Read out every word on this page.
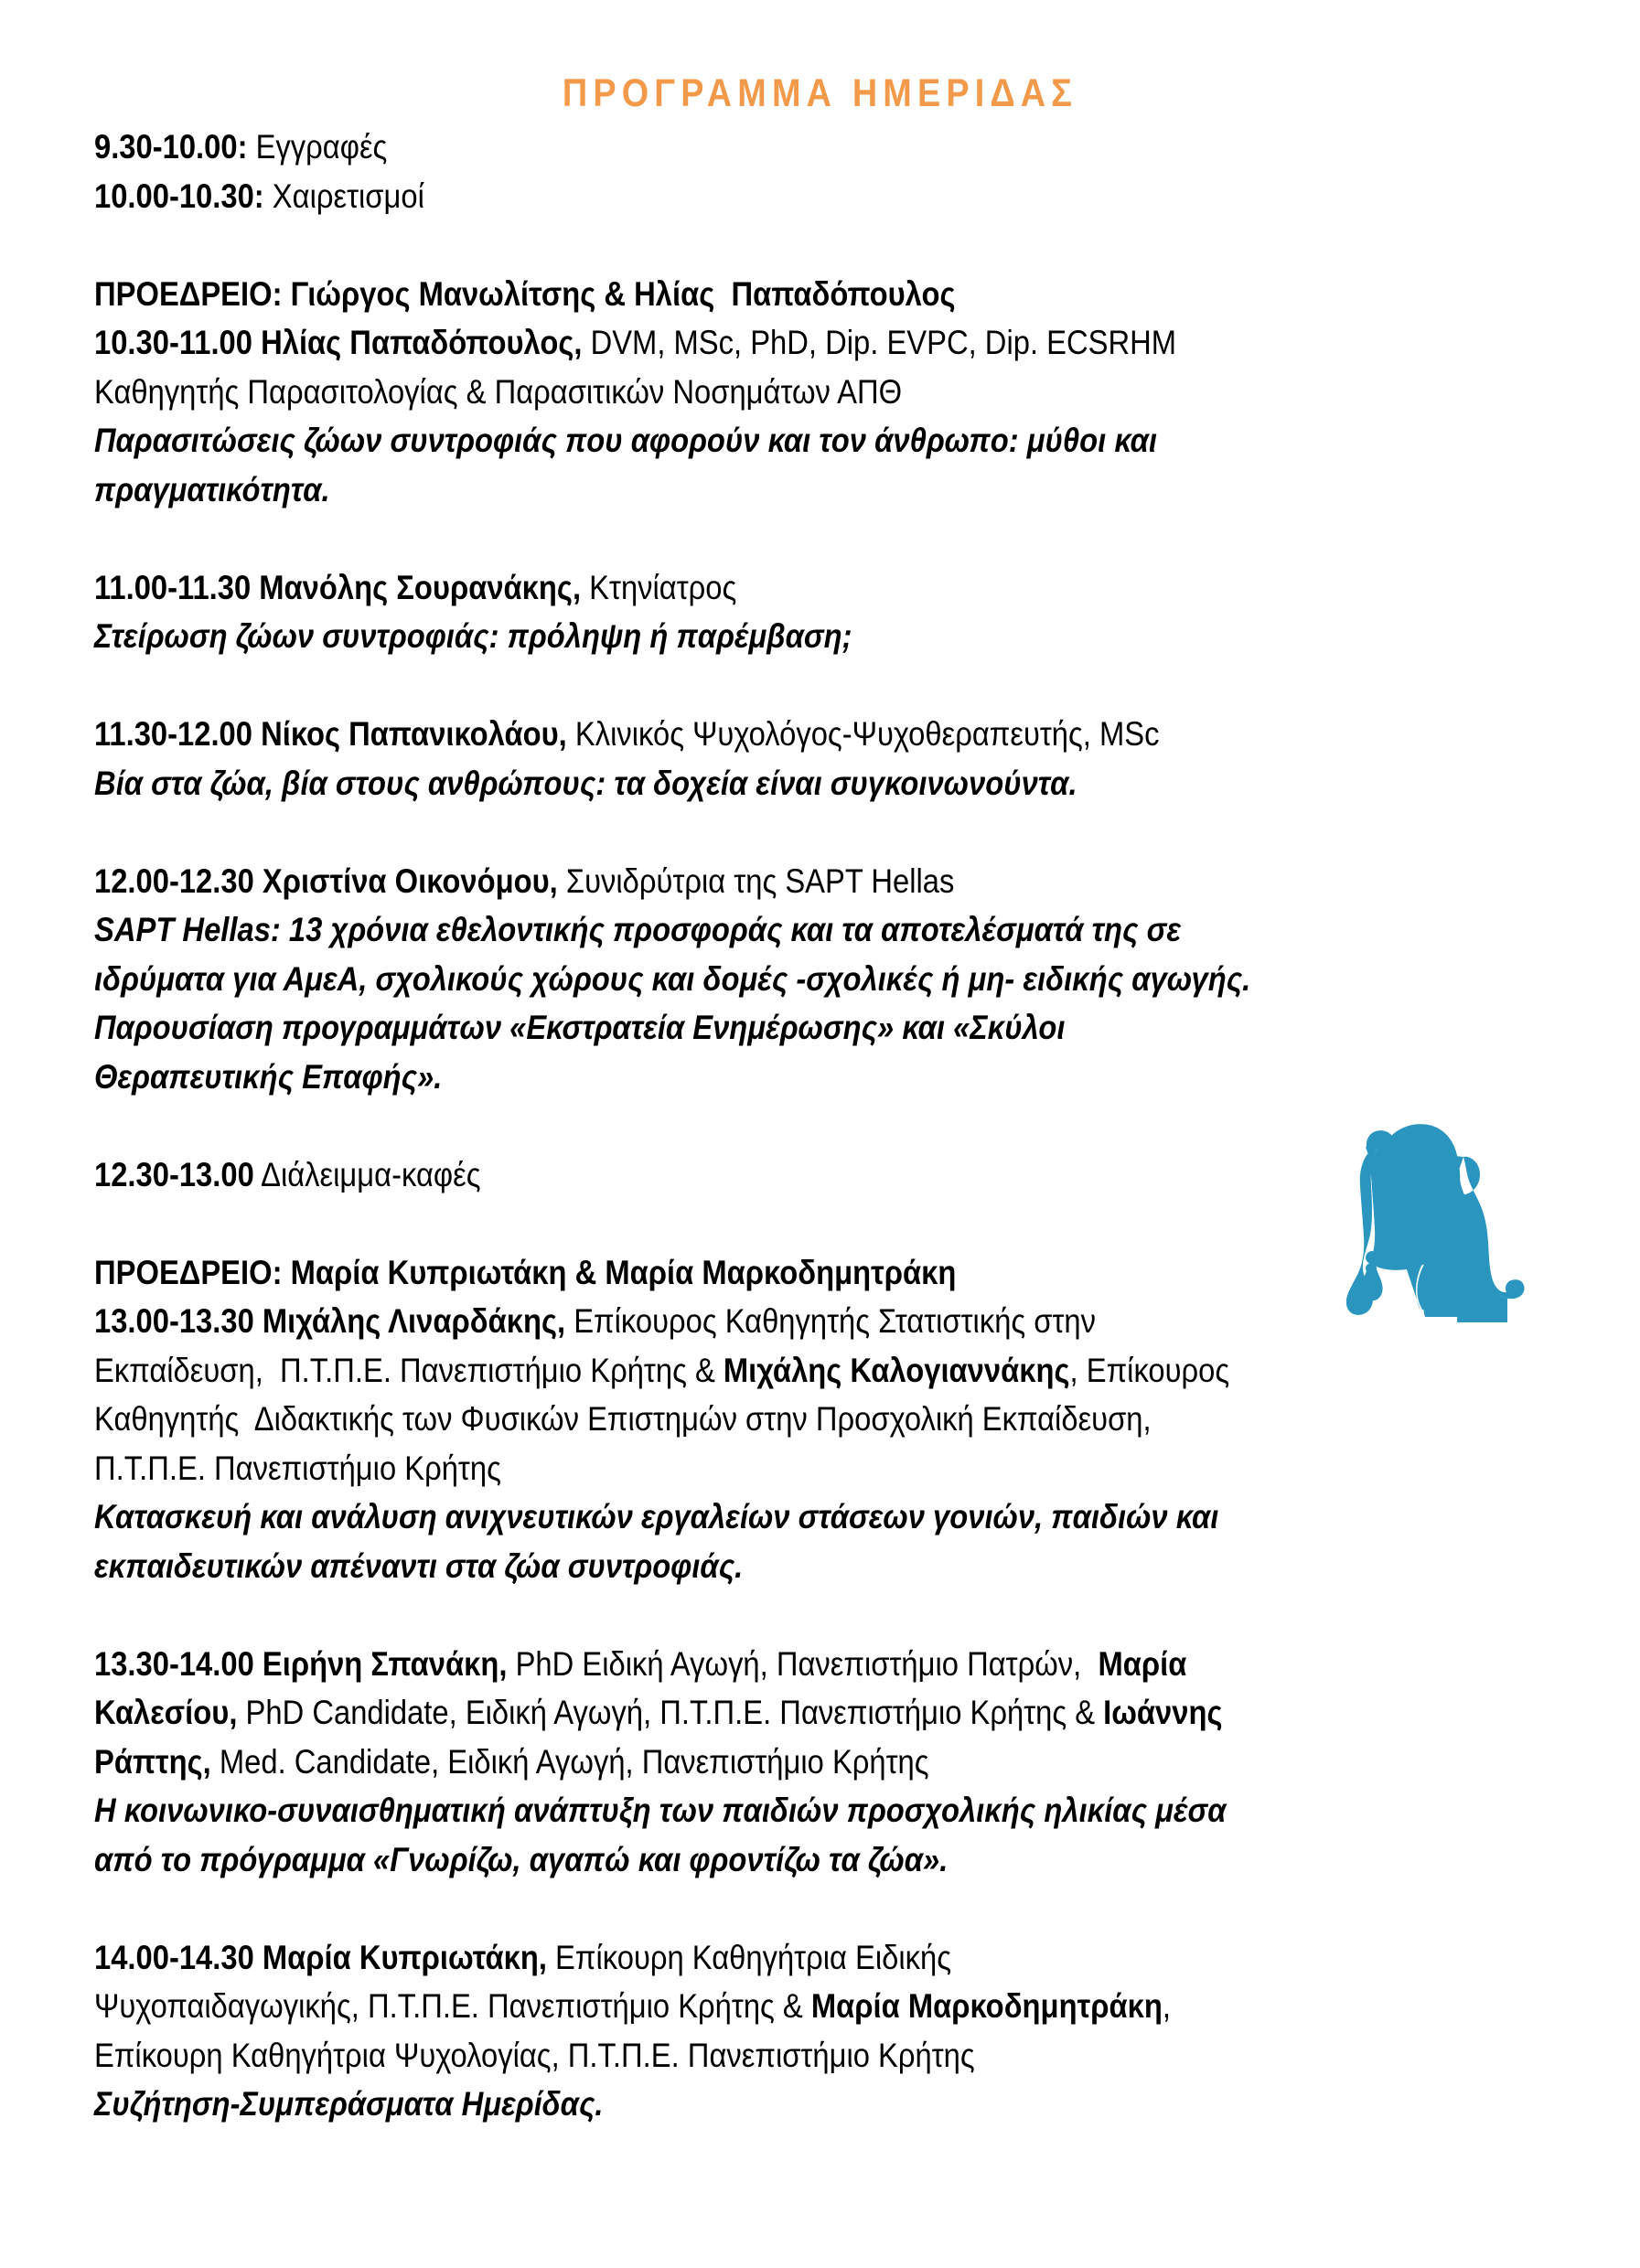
ΠΡΟΓΡΑΜΜΑ ΗΜΕΡΙΔΑΣ
9.30-10.00: Εγγραφές
10.00-10.30: Χαιρετισμοί
ΠΡΟΕΔΡΕΙΟ: Γιώργος Μανωλίτσης & Ηλίας  Παπαδόπουλος
10.30-11.00 Ηλίας Παπαδόπουλος, DVM, MSc, PhD, Dip. EVPC, Dip. ECSRHM
Καθηγητής Παρασιτολογίας & Παρασιτικών Νοσημάτων ΑΠΘ
Παρασιτώσεις ζώων συντροφιάς που αφορούν και τον άνθρωπο: μύθοι και
πραγματικότητα.
11.00-11.30 Μανόλης Σουρανάκης, Κτηνίατρος
Στείρωση ζώων συντροφιάς: πρόληψη ή παρέμβαση;
11.30-12.00 Νίκος Παπανικολάου, Κλινικός Ψυχολόγος-Ψυχοθεραπευτής, MSc
Βία στα ζώα, βία στους ανθρώπους: τα δοχεία είναι συγκοινωνούντα.
12.00-12.30 Χριστίνα Οικονόμου, Συνιδρύτρια της SAPT Hellas
SAPT Hellas: 13 χρόνια εθελοντικής προσφοράς και τα αποτελέσματά της σε
ιδρύματα για ΑμεΑ, σχολικούς χώρους και δομές -σχολικές ή μη- ειδικής αγωγής.
Παρουσίαση προγραμμάτων «Εκστρατεία Ενημέρωσης» και «Σκύλοι
Θεραπευτικής Επαφής».
12.30-13.00 Διάλειμμα-καφές
ΠΡΟΕΔΡΕΙΟ: Μαρία Κυπριωτάκη & Μαρία Μαρκοδημητράκη
13.00-13.30 Μιχάλης Λιναρδάκης, Επίκουρος Καθηγητής Στατιστικής στην
Εκπαίδευση,  Π.Τ.Π.Ε. Πανεπιστήμιο Κρήτης & Μιχάλης Καλογιαννάκης, Επίκουρος
Καθηγητής  Διδακτικής των Φυσικών Επιστημών στην Προσχολική Εκπαίδευση,
Π.Τ.Π.Ε. Πανεπιστήμιο Κρήτης
Κατασκευή και ανάλυση ανιχνευτικών εργαλείων στάσεων γονιών, παιδιών και
εκπαιδευτικών απέναντι στα ζώα συντροφιάς.
13.30-14.00 Ειρήνη Σπανάκη, PhD Ειδική Αγωγή, Πανεπιστήμιο Πατρών,  Μαρία
Καλεσίου, PhD Candidate, Ειδική Αγωγή, Π.Τ.Π.Ε. Πανεπιστήμιο Κρήτης & Ιωάννης
Ράπτης, Med. Candidate, Ειδική Αγωγή, Πανεπιστήμιο Κρήτης
Η κοινωνικο-συναισθηματική ανάπτυξη των παιδιών προσχολικής ηλικίας μέσα
από το πρόγραμμα «Γνωρίζω, αγαπώ και φροντίζω τα ζώα».
14.00-14.30 Μαρία Κυπριωτάκη, Επίκουρη Καθηγήτρια Ειδικής
Ψυχοπαιδαγωγικής, Π.Τ.Π.Ε. Πανεπιστήμιο Κρήτης & Μαρία Μαρκοδημητράκη,
Επίκουρη Καθηγήτρια Ψυχολογίας, Π.Τ.Π.Ε. Πανεπιστήμιο Κρήτης
Συζήτηση-Συμπεράσματα Ημερίδας.
